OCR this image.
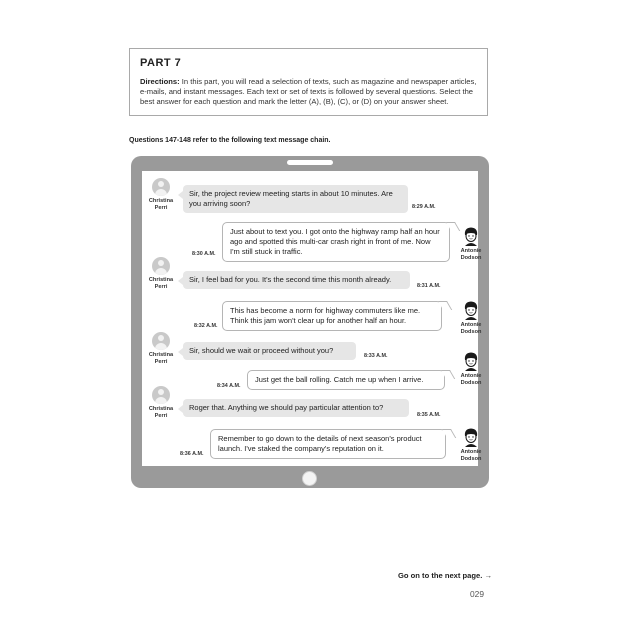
PART 7

Directions: In this part, you will read a selection of texts, such as magazine and newspaper articles, e-mails, and instant messages. Each text or set of texts is followed by several questions. Select the best answer for each question and mark the letter (A), (B), (C), or (D) on your answer sheet.

Questions 147-148 refer to the following text message chain.
Christina Perri
Sir, the project review meeting starts in about 10 minutes. Are you arriving soon?	8:29 A.M.
Just about to text you. I got onto the highway ramp half an hour ago and spotted this multi-car crash right in front of me. Now I'm still stuck in traffic.
8:30 A.M.	Antonie Dodson
Christina Perri
Sir, I feel bad for you. It's the second time this month already.
8:31 A.M.
This has become a norm for highway commuters like me. Think this jam won't clear up for another half an hour.
8:32 A.M.	Antonie Dodson
Christina Perri
Sir, should we wait or proceed without you?
8:33 A.M.
Just get the ball rolling. Catch me up when I arrive.
8:34 A.M.
Antonie Dodson
Christina Perri
Roger that. Anything we should pay particular attention to?
8:35 A.M.
Remember to go down to the details of next season's product launch. I've staked the company's reputation on it.
8:36 A.M.	Antonie Dodson
Go on to the next page. →
029
